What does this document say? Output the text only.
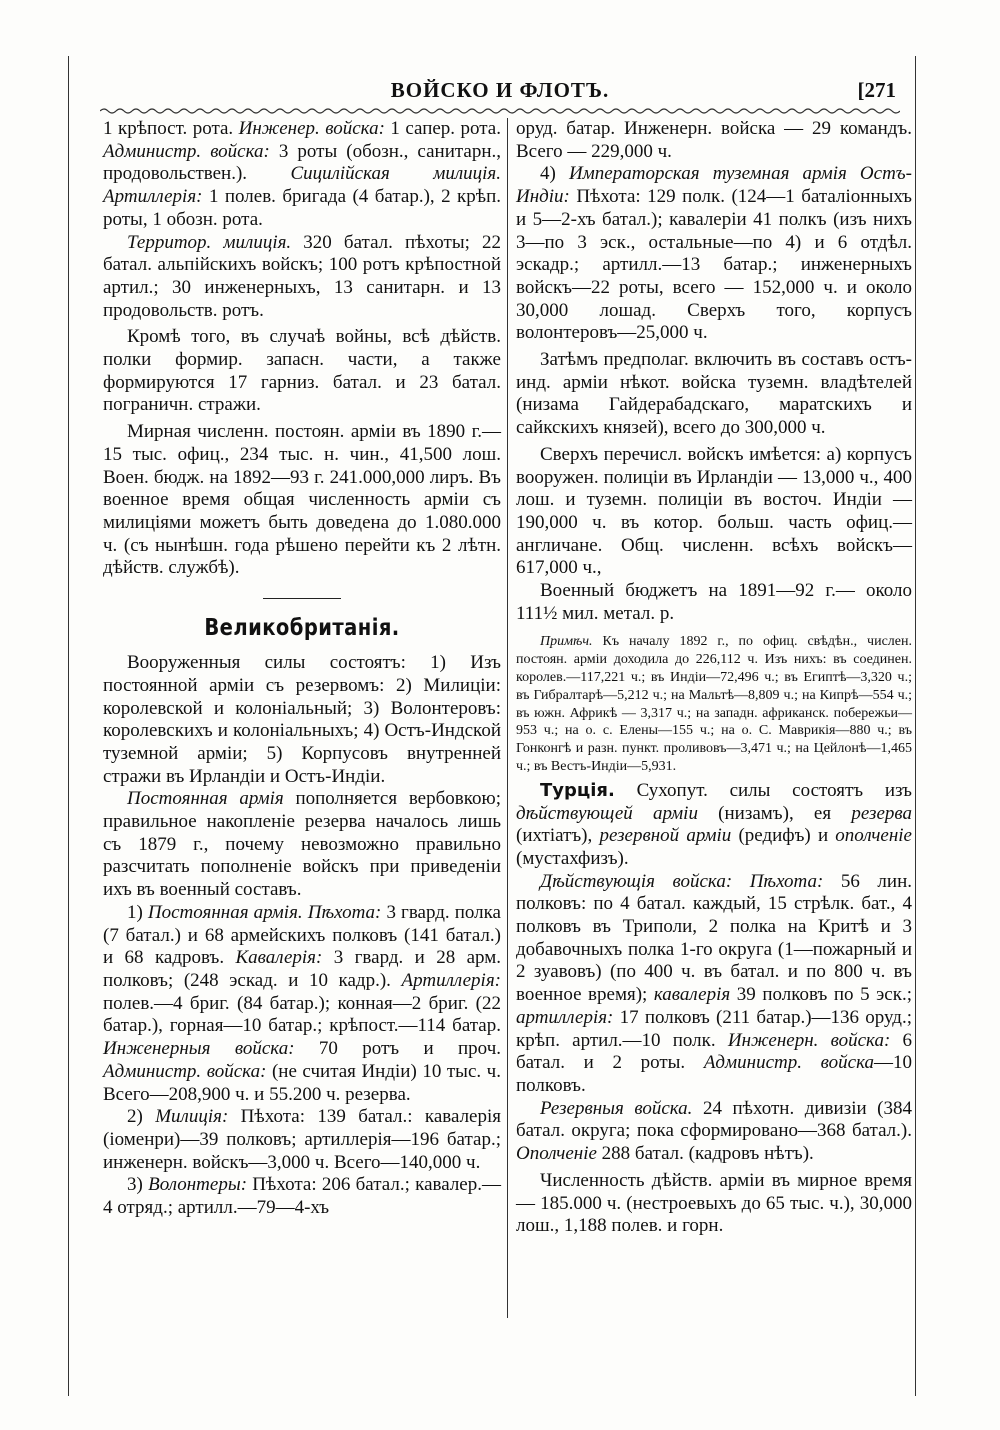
ВОЙСКО И ФЛОТЪ.	[271

1 крѣпост. рота. Инженер. войска: 1 сапер. рота. Администр. войска: 3 роты (обозн., санитарн., продовольствен.). Сицилійская милиція. Артиллерія: 1 полев. бригада (4 батар.), 2 крѣп. роты, 1 обозн. рота.

Территор. милиція. 320 батал. пѣхоты; 22 батал. альпійскихъ войскъ; 100 ротъ крѣпостной артил.; 30 инженерныхъ, 13 санитарн. и 13 продовольств. ротъ.

Кромѣ того, въ случаѣ войны, всѣ дѣйств. полки формир. запасн. части, а также формируются 17 гарниз. батал. и 23 батал. пограничн. стражи.

Мирная численн. постоян. арміи въ 1890 г.—15 тыс. офиц., 234 тыс. н. чин., 41,500 лош. Воен. бюдж. на 1892—93 г. 241.000,000 лиръ. Въ военное время общая численность арміи съ милиціями можетъ быть доведена до 1.080.000 ч. (съ нынѣшн. года рѣшено перейти къ 2 лѣтн. дѣйств. службѣ).

Великобританія.

Вооруженныя силы состоятъ: 1) Изъ постоянной арміи съ резервомъ: 2) Милиціи: королевской и колоніальный; 3) Волонтеровъ: королевскихъ и колоніальныхъ; 4) Остъ-Индской туземной арміи; 5) Корпусовъ внутренней стражи въ Ирландіи и Остъ-Индіи.

Постоянная армія пополняется вербовкою; правильное накопленіе резерва началось лишь съ 1879 г., почему невозможно правильно разсчитать пополненіе войскъ при приведеніи ихъ въ военный составъ.

1) Постоянная армія. Пѣхота: 3 гвард. полка (7 батал.) и 68 армейскихъ полковъ (141 батал.) и 68 кадровъ. Кавалерія: 3 гвард. и 28 арм. полковъ; (248 эскад. и 10 кадр.). Артиллерія: полев.—4 бриг. (84 батар.); конная—2 бриг. (22 батар.), горная—10 батар.; крѣпост.—114 батар. Инженерныя войска: 70 ротъ и проч. Администр. войска: (не считая Индіи) 10 тыс. ч. Всего—208,900 ч. и 55.200 ч. резерва.

2) Милиція: Пѣхота: 139 батал.: кавалерія (іоменри)—39 полковъ; артиллерія—196 батар.; инженерн. войскъ—3,000 ч. Всего—140,000 ч.

3) Волонтеры: Пѣхота: 206 батал.; кавалер.—4 отряд.; артилл.—79—4-хъ

оруд. батар. Инженерн. войска — 29 командъ. Всего — 229,000 ч.

4) Императорская туземная армія Остъ-Индіи: Пѣхота: 129 полк. (124—1 баталіонныхъ и 5—2-хъ батал.); кавалеріи 41 полкъ (изъ нихъ 3—по 3 эск., остальные—по 4) и 6 отдѣл. эскадр.; артилл.—13 батар.; инженерныхъ войскъ—22 роты, всего — 152,000 ч. и около 30,000 лошад. Сверхъ того, корпусъ волонтеровъ—25,000 ч.

Затѣмъ предполаг. включить въ составъ остъ-инд. арміи нѣкот. войска туземн. владѣтелей (низама Гайдерабадскаго, маратскихъ и сайкскихъ князей), всего до 300,000 ч.

Сверхъ перечисл. войскъ имѣется: а) корпусъ вооружен. полиціи въ Ирландіи — 13,000 ч., 400 лош. и туземн. полиціи въ восточ. Индіи — 190,000 ч. въ котор. больш. часть офиц.—англичане. Общ. численн. всѣхъ войскъ—617,000 ч.,

Военный бюджетъ на 1891—92 г.— около 111½ мил. метал. р.

Примѣч. Къ началу 1892 г., по офиц. свѣдѣн., числен. постоян. арміи доходила до 226,112 ч. Изъ нихъ: въ соединен. королев.—117,221 ч.; въ Индіи—72,496 ч.; въ Египтѣ—3,320 ч.; въ Гибралтарѣ—5,212 ч.; на Мальтѣ—8,809 ч.; на Кипрѣ—554 ч.; въ южн. Африкѣ — 3,317 ч.; на западн. африканск. побережьи—953 ч.; на о. с. Елены—155 ч.; на о. С. Маврикія—880 ч.; въ Гонконгѣ и разн. пункт. проливовъ—3,471 ч.; на Цейлонѣ—1,465 ч.; въ Вестъ-Индіи—5,931.

Турція. Сухопут. силы состоятъ изъ дѣйствующей арміи (низамъ), ея резерва (ихтіатъ), резервной арміи (редифъ) и ополченіе (мустахфизъ).

Дѣйствующія войска: Пѣхота: 56 лин. полковъ: по 4 батал. каждый, 15 стрѣлк. бат., 4 полковъ въ Триполи, 2 полка на Критѣ и 3 добавочныхъ полка 1-го округа (1—пожарный и 2 зуавовъ) (по 400 ч. въ батал. и по 800 ч. въ военное время); кавалерія 39 полковъ по 5 эск.; артиллерія: 17 полковъ (211 батар.)—136 оруд.; крѣп. артил.—10 полк. Инженерн. войска: 6 батал. и 2 роты. Администр. войска—10 полковъ.

Резервныя войска. 24 пѣхотн. дивизіи (384 батал. округа; пока сформировано—368 батал.). Ополченіе 288 батал. (кадровъ нѣтъ).

Численность дѣйств. арміи въ мирное время — 185.000 ч. (нестроевыхъ до 65 тыс. ч.), 30,000 лош., 1,188 полев. и горн.
